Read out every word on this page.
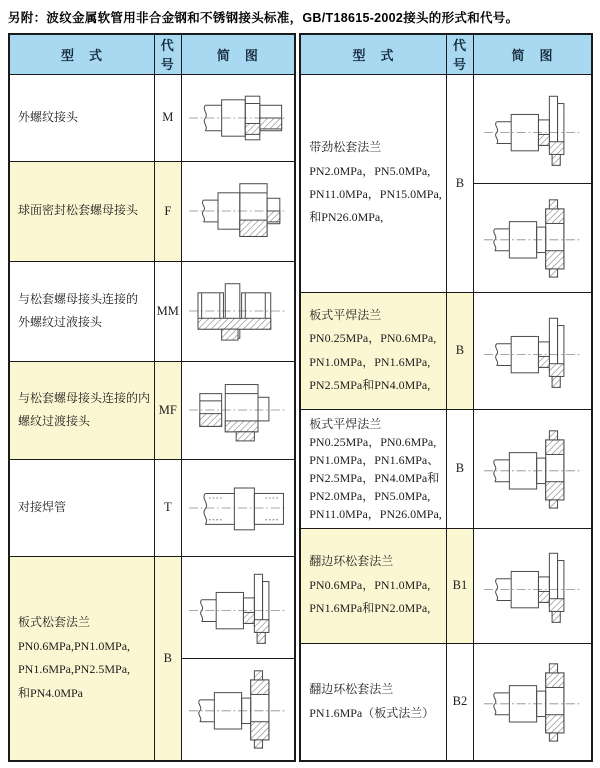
另附：波纹金属软管用非合金钢和不锈钢接头标准，GB/T18615-2002接头的形式和代号。
型　式	代号	简　图

外螺纹接头	M	

球面密封松套螺母接头	F	

与松套螺母接头连接的
外螺纹过液接头	MM	

与松套螺母接头连接的内
螺纹过渡接头	MF	

对接焊管	T	

板式松套法兰
PN0.6MPa,PN1.0MPa,
PN1.6MPa,PN2.5MPa,
和PN4.0MPa	B	
型　式	代号	简　图

带劲松套法兰
PN2.0MPa，PN5.0MPa,
PN11.0MPa，PN15.0MPa,
和PN26.0MPa,	B	

板式平焊法兰
PN0.25MPa，PN0.6MPa,
PN1.0MPa，PN1.6MPa,
PN2.5MPa和PN4.0MPa,	B	

板式平焊法兰
PN0.25MPa，PN0.6MPa,
PN1.0MPa，PN1.6MPa、
PN2.5MPa，PN4.0MPa和
PN2.0MPa，PN5.0MPa,
PN11.0MPa，PN26.0MPa,
	B	

翻边环松套法兰
PN0.6MPa，PN1.0MPa,
PN1.6MPa和PN2.0MPa,	B1	

翻边环松套法兰
PN1.6MPa（板式法兰）	B2	
